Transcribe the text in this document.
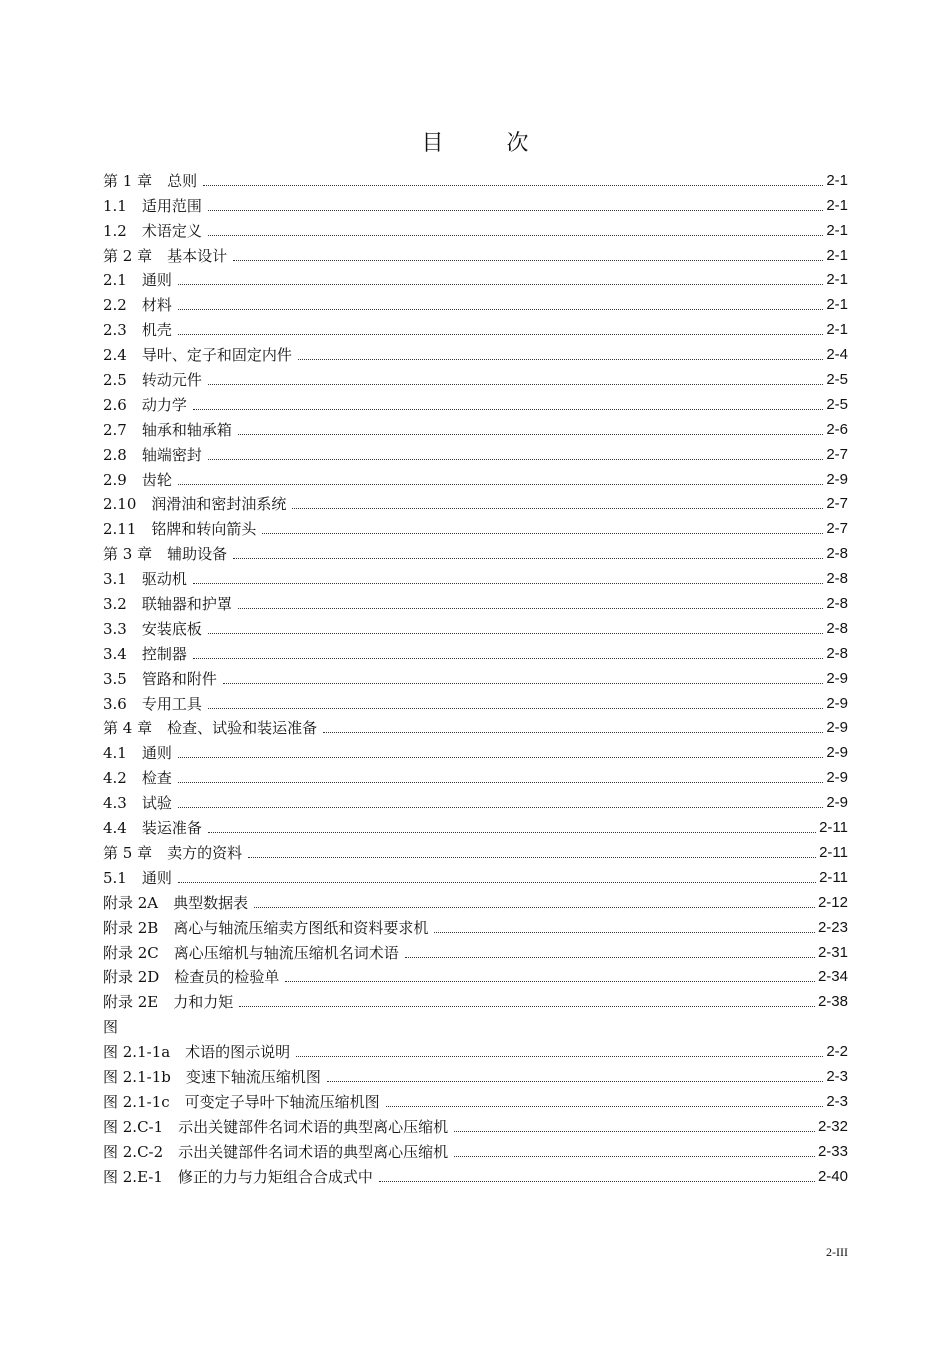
目 次
第 1 章　总则	2-1
1.1　适用范围	2-1
1.2　术语定义	2-1
第 2 章　基本设计	2-1
2.1　通则	2-1
2.2　材料	2-1
2.3　机壳	2-1
2.4　导叶、定子和固定内件	2-4
2.5　转动元件	2-5
2.6　动力学	2-5
2.7　轴承和轴承箱	2-6
2.8　轴端密封	2-7
2.9　齿轮	2-9
2.10　润滑油和密封油系统	2-7
2.11　铭牌和转向箭头	2-7
第 3 章　辅助设备	2-8
3.1　驱动机	2-8
3.2　联轴器和护罩	2-8
3.3　安装底板	2-8
3.4　控制器	2-8
3.5　管路和附件	2-9
3.6　专用工具	2-9
第 4 章　检查、试验和装运准备	2-9
4.1　通则	2-9
4.2　检查	2-9
4.3　试验	2-9
4.4　装运准备	2-11
第 5 章　卖方的资料	2-11
5.1　通则	2-11
附录 2A　典型数据表	2-12
附录 2B　离心与轴流压缩卖方图纸和资料要求机	2-23
附录 2C　离心压缩机与轴流压缩机名词术语	2-31
附录 2D　检查员的检验单	2-34
附录 2E　力和力矩	2-38
图
图 2.1-1a　术语的图示说明	2-2
图 2.1-1b　变速下轴流压缩机图	2-3
图 2.1-1c　可变定子导叶下轴流压缩机图	2-3
图 2.C-1　示出关键部件名词术语的典型离心压缩机	2-32
图 2.C-2　示出关键部件名词术语的典型离心压缩机	2-33
图 2.E-1　修正的力与力矩组合合成式中	2-40
2-III
